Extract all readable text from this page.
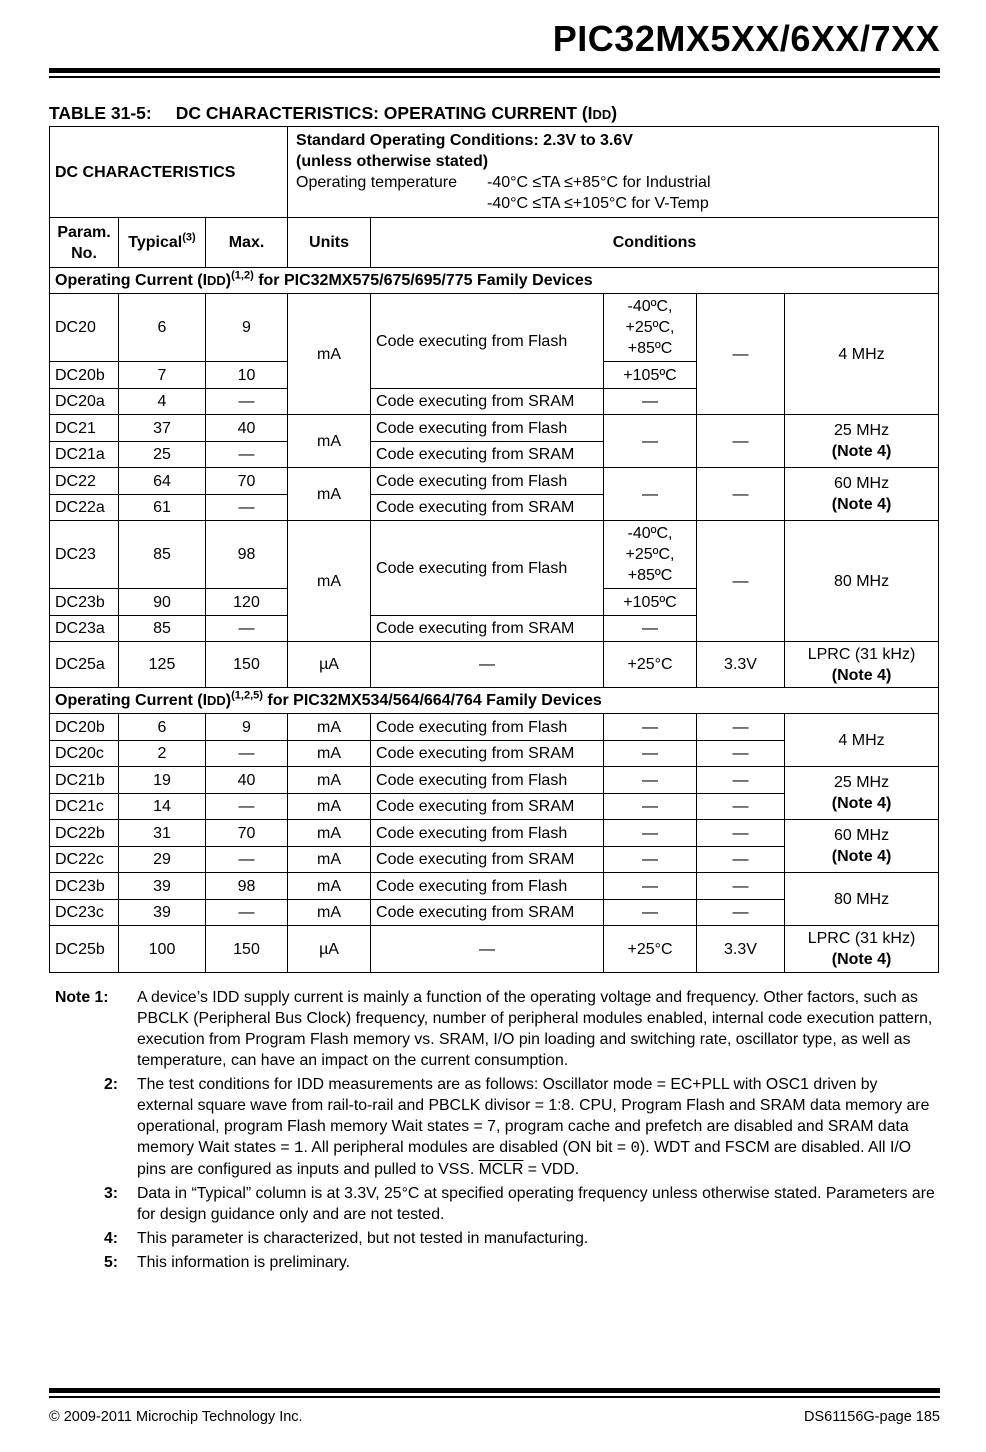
PIC32MX5XX/6XX/7XX
TABLE 31-5: DC CHARACTERISTICS: OPERATING CURRENT (IDD)
DC CHARACTERISTICS			Standard Operating Conditions: 2.3V to 3.6V
(unless otherwise stated)
Operating temperature -40°C ≤TA ≤+85°C for Industrial
-40°C ≤TA ≤+105°C for V-Temp				

Param.
No.	Typical$^{(3)}$	Max.	Units	Conditions			
Operating Current (IDD)$^{(1,2)}$ for PIC32MX575/675/695/775 Family Devices							
DC20	6	9	mA	Code executing from Flash	-40ºC,
+25ºC,
+85ºC	—	4 MHz
DC20b	7	10			+105ºC		
DC20a	4	—		Code executing from SRAM	—		
DC21	37	40	mA	Code executing from Flash	—	—	25 MHz
(Note 4)

DC21a	25	—		Code executing from SRAM			
DC22	64	70	mA	Code executing from Flash	—	—	60 MHz
(Note 4)

DC22a	61	—		Code executing from SRAM			
DC23	85	98	mA	Code executing from Flash	-40ºC,
+25ºC,
+85ºC	—	80 MHz
DC23b	90	120			+105ºC		
DC23a	85	—		Code executing from SRAM	—		
DC25a	125	150	µA	—	+25°C	3.3V	LPRC (31 kHz)
(Note 4)

Operating Current (IDD)$^{(1,2,5)}$ for PIC32MX534/564/664/764 Family Devices							
DC20b	6	9	mA	Code executing from Flash	—	—	4 MHz
DC20c	2	—	mA	Code executing from SRAM	—	—	
DC21b	19	40	mA	Code executing from Flash	—	—	25 MHz
(Note 4)

DC21c	14	—	mA	Code executing from SRAM	—	—	
DC22b	31	70	mA	Code executing from Flash	—	—	60 MHz
(Note 4)

DC22c	29	—	mA	Code executing from SRAM	—	—	
DC23b	39	98	mA	Code executing from Flash	—	—	80 MHz
DC23c	39	—	mA	Code executing from SRAM	—	—	
DC25b	100	150	µA	—	+25°C	3.3V	LPRC (31 kHz)
(Note 4)
Note 1:	A device’s IDD supply current is mainly a function of the operating voltage and frequency. Other factors, such as PBCLK (Peripheral Bus Clock) frequency, number of peripheral modules enabled, internal code execution pattern, execution from Program Flash memory vs. SRAM, I/O pin loading and switching rate, oscillator type, as well as temperature, can have an impact on the current consumption.
2:	The test conditions for IDD measurements are as follows: Oscillator mode = EC+PLL with OSC1 driven by external square wave from rail-to-rail and PBCLK divisor = 1:8. CPU, Program Flash and SRAM data memory are operational, program Flash memory Wait states = 7, program cache and prefetch are disabled and SRAM data memory Wait states = 1. All peripheral modules are disabled (ON bit = 0). WDT and FSCM are disabled. All I/O pins are configured as inputs and pulled to VSS. MCLR = VDD.
3:	Data in “Typical” column is at 3.3V, 25°C at specified operating frequency unless otherwise stated. Parameters are for design guidance only and are not tested.
4:	This parameter is characterized, but not tested in manufacturing.
5:	This information is preliminary.
© 2009-2011 Microchip Technology Inc.	DS61156G-page 185
